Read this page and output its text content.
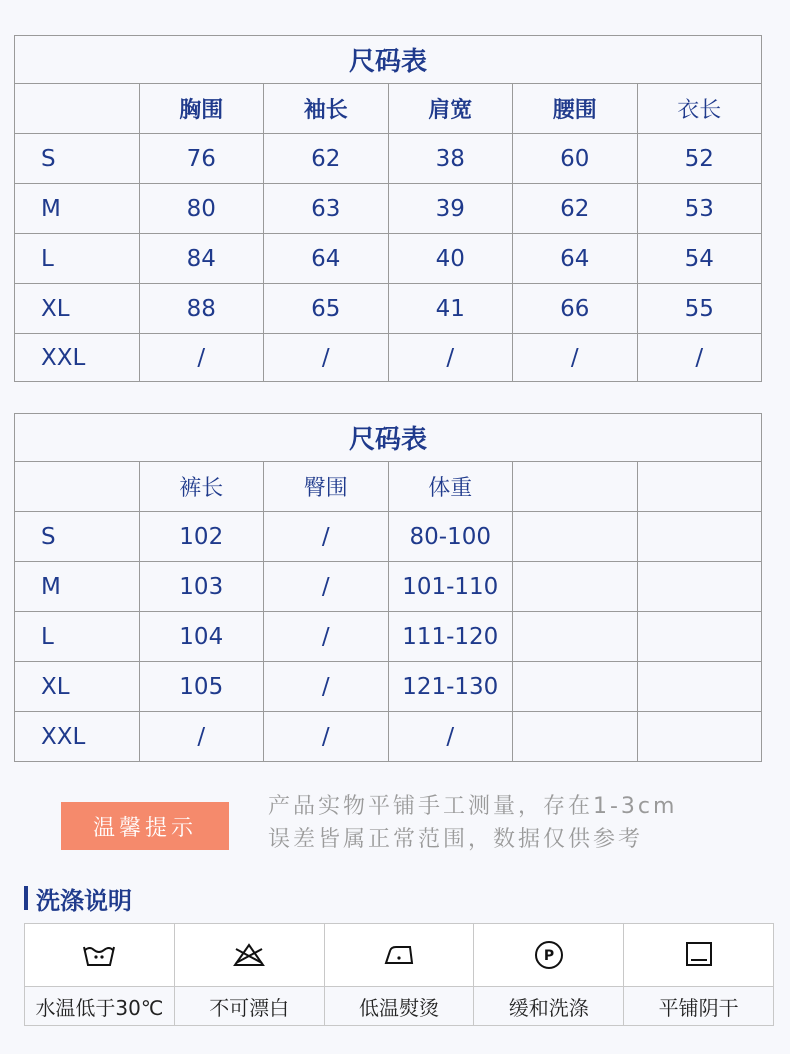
尺码表					
	胸围	袖长	肩宽	腰围	衣长
S	76	62	38	60	52
M	80	63	39	62	53
L	84	64	40	64	54
XL	88	65	41	66	55
XXL	/	/	/	/	/
尺码表					
	裤长	臀围	体重		
S	102	/	80-100		
M	103	/	101-110		
L	104	/	111-120		
XL	105	/	121-130		
XXL	/	/	/		
温馨提示
产品实物平铺手工测量，存在1-3cm
误差皆属正常范围，数据仅供参考
洗涤说明

P

水温低于30℃	不可漂白	低温熨烫	缓和洗涤	平铺阴干
